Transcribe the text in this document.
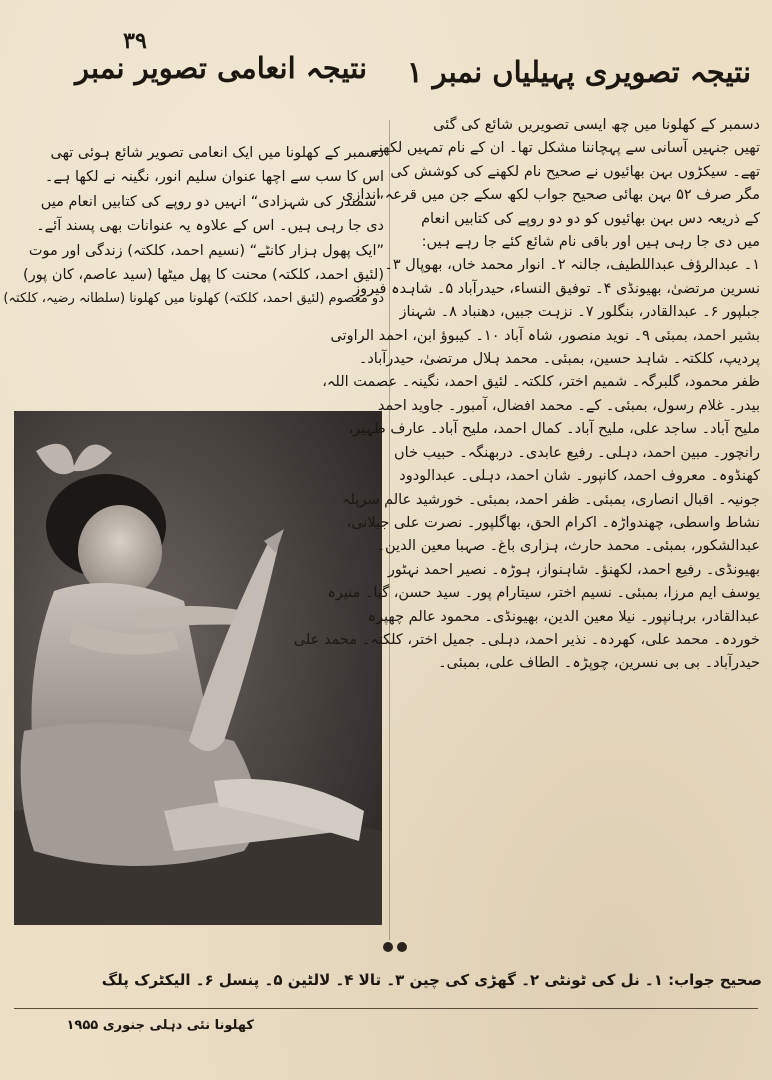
نتیجہ انعامی تصویر نمبر
۳۹
نتیجہ تصویری پہیلیاں نمبر ۱
دسمبر کے کھلونا میں ایک انعامی تصویر شائع ہوئی تھی
اس کا سب سے اچھا عنوان سلیم انور، نگینہ نے لکھا ہے۔
”سمندر کی شہزادی“ انہیں دو روپے کی کتابیں انعام میں
دی جا رہی ہیں۔ اس کے علاوہ یہ عنوانات بھی پسند آئے۔
”ایک پھول ہزار کانٹے“ (نسیم احمد، کلکتہ) زندگی اور موت
(لئیق احمد، کلکتہ) محنت کا پھل میٹھا (سید عاصم، کان پور)
دو معصوم (لئیق احمد، کلکتہ) کھلونا میں کھلونا (سلطانہ رضیہ، کلکتہ)
دسمبر کے کھلونا میں چھ ایسی تصویریں شائع کی گئی
تھیں جنہیں آسانی سے پہچاننا مشکل تھا۔ ان کے نام تمہیں لکھنے
تھے۔ سیکڑوں بہن بھائیوں نے صحیح نام لکھنے کی کوشش کی
مگر صرف ۵۲ بہن بھائی صحیح جواب لکھ سکے جن میں قرعہ اندازی
کے ذریعہ دس بہن بھائیوں کو دو دو روپے کی کتابیں انعام
میں دی جا رہی ہیں اور باقی نام شائع کئے جا رہے ہیں:
۱۔ عبدالرؤف عبداللطیف، جالنہ ۲۔ انوار محمد خاں، بھوپال ۳۔
نسرین مرتضیٰ، بھیونڈی ۴۔ توفیق النساء، حیدرآباد ۵۔ شاہدہ فیروز
جبلپور ۶۔ عبدالقادر، بنگلور ۷۔ نزہت جبیں، دھنباد ۸۔ شہناز
بشیر احمد، بمبئی ۹۔ نوید منصور، شاہ آباد ۱۰۔ کیبوؤ ابن، احمد الراوتی
پردیپ، کلکتہ۔ شاہد حسین، بمبئی۔ محمد ہلال مرتضیٰ، حیدرآباد۔
ظفر محمود، گلبرگہ۔ شمیم اختر، کلکتہ۔ لئیق احمد، نگینہ۔ عصمت اللہ،
بیدر۔ غلام رسول، بمبئی۔ کے۔ محمد افضال، آمبور۔ جاوید احمد
ملیح آباد۔ ساجد علی، ملیح آباد۔ کمال احمد، ملیح آباد۔ عارف ظہیر،
رانچور۔ مبین احمد، دہلی۔ رفیع عابدی۔ دربھنگہ۔ حبیب خاں
کھنڈوہ۔ معروف احمد، کانپور۔ شان احمد، دہلی۔ عبدالودود
جونیہ۔ اقبال انصاری، بمبئی۔ ظفر احمد، بمبئی۔ خورشید عالم سرپلہ
نشاط واسطی، چھندواڑہ۔ اکرام الحق، بھاگلپور۔ نصرت علی جیلانی،
عبدالشکور، بمبئی۔ محمد حارث، ہزاری باغ۔ صہبا معین الدین۔
بھیونڈی۔ رفیع احمد، لکھنؤ۔ شاہنواز، ہوڑہ۔ نصیر احمد نہٹور
یوسف ایم مرزا، بمبئی۔ نسیم اختر، سیتارام پور۔ سید حسن، گیا۔ منیرہ
عبدالقادر، برہانپور۔ نیلا معین الدین، بھیونڈی۔ محمود عالم چھپرہ
خوردہ۔ محمد علی، کھردہ۔ نذیر احمد، دہلی۔ جمیل اختر، کلکتہ۔ محمد علی
حیدرآباد۔ بی بی نسرین، چوپڑہ۔ الطاف علی، بمبئی۔
صحیح جواب: ۱۔ نل کی ٹونٹی ۲۔ گھڑی کی چین ۳۔ تالا ۴۔ لالٹین ۵۔ پنسل ۶۔ الیکٹرک پلگ
کھلونا نئی دہلی جنوری ۱۹۵۵
